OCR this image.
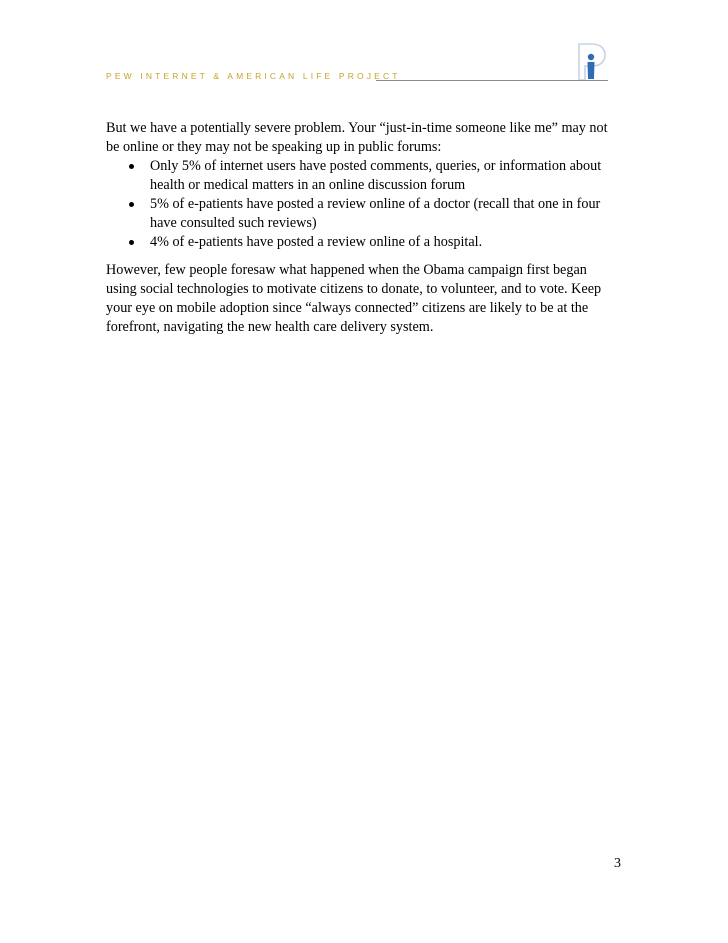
PEW INTERNET & AMERICAN LIFE PROJECT

But we have a potentially severe problem. Your “just-in-time someone like me” may not be online or they may not be speaking up in public forums:

Only 5% of internet users have posted comments, queries, or information about health or medical matters in an online discussion forum
5% of e-patients have posted a review online of a doctor (recall that one in four have consulted such reviews)
4% of e-patients have posted a review online of a hospital.

However, few people foresaw what happened when the Obama campaign first began using social technologies to motivate citizens to donate, to volunteer, and to vote. Keep your eye on mobile adoption since “always connected” citizens are likely to be at the forefront, navigating the new health care delivery system.

3
